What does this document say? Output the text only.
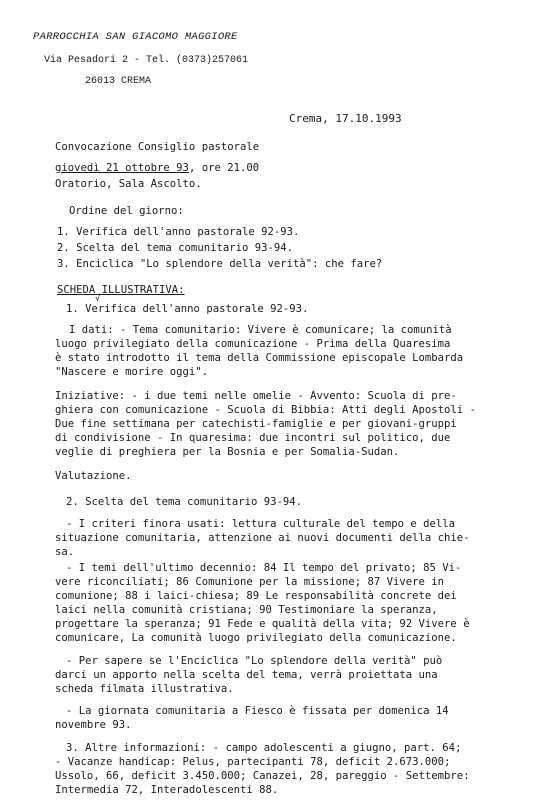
PARROCCHIA SAN GIACOMO MAGGIORE
Via Pesadori 2 - Tel. (0373)257061
26013 CREMA
Crema, 17.10.1993
Convocazione Consiglio pastorale
giovedì 21 ottobre 93, ore 21.00
Oratorio, Sala Ascolto.
Ordine del giorno:
1. Verifica dell'anno pastorale 92-93.
2. Scelta del tema comunitario 93-94.
3. Enciclica "Lo splendore della verità": che fare?
SCHEDA ILLUSTRATIVA:
√
1. Verifica dell'anno pastorale 92-93.
I dati: - Tema comunitario: Vivere è comunicare; la comunità
luogo privilegiato della comunicazione - Prima della Quaresima
è stato introdotto il tema della Commissione episcopale Lombarda
"Nascere e morire oggi".
Iniziative: - i due temi nelle omelie - Avvento: Scuola di pre-
ghiera con comunicazione - Scuola di Bibbia: Atti degli Apostoli -
Due fine settimana per catechisti-famiglie e per giovani-gruppi
di condivisione - In quaresima: due incontri sul politico, due
veglie di preghiera per la Bosnia e per Somalia-Sudan.
Valutazione.
2. Scelta del tema comunitario 93-94.
- I criteri finora usati: lettura culturale del tempo e della
situazione comunitaria, attenzione ai nuovi documenti della chie-
sa.
- I temi dell'ultimo decennio: 84 Il tempo del privato; 85 Vi-
vere riconciliati; 86 Comunione per la missione; 87 Vivere in
comunione; 88 i laici-chiesa; 89 Le responsabilità concrete dei
laici nella comunità cristiana; 90 Testimoniare la speranza,
progettare la speranza; 91 Fede e qualità della vita; 92 Vivere è
comunicare, La comunità luogo privilegiato della comunicazione.
- Per sapere se l'Enciclica "Lo splendore della verità" può
darci un apporto nella scelta del tema, verrà proiettata una
scheda filmata illustrativa.
- La giornata comunitaria a Fiesco è fissata per domenica 14
novembre 93.
3. Altre informazioni: - campo adolescenti a giugno, part. 64;
- Vacanze handicap: Pelus, partecipanti 78, deficit 2.673.000;
Ussolo, 66, deficit 3.450.000; Canazei, 28, pareggio - Settembre:
Intermedia 72, Interadolescenti 88.
